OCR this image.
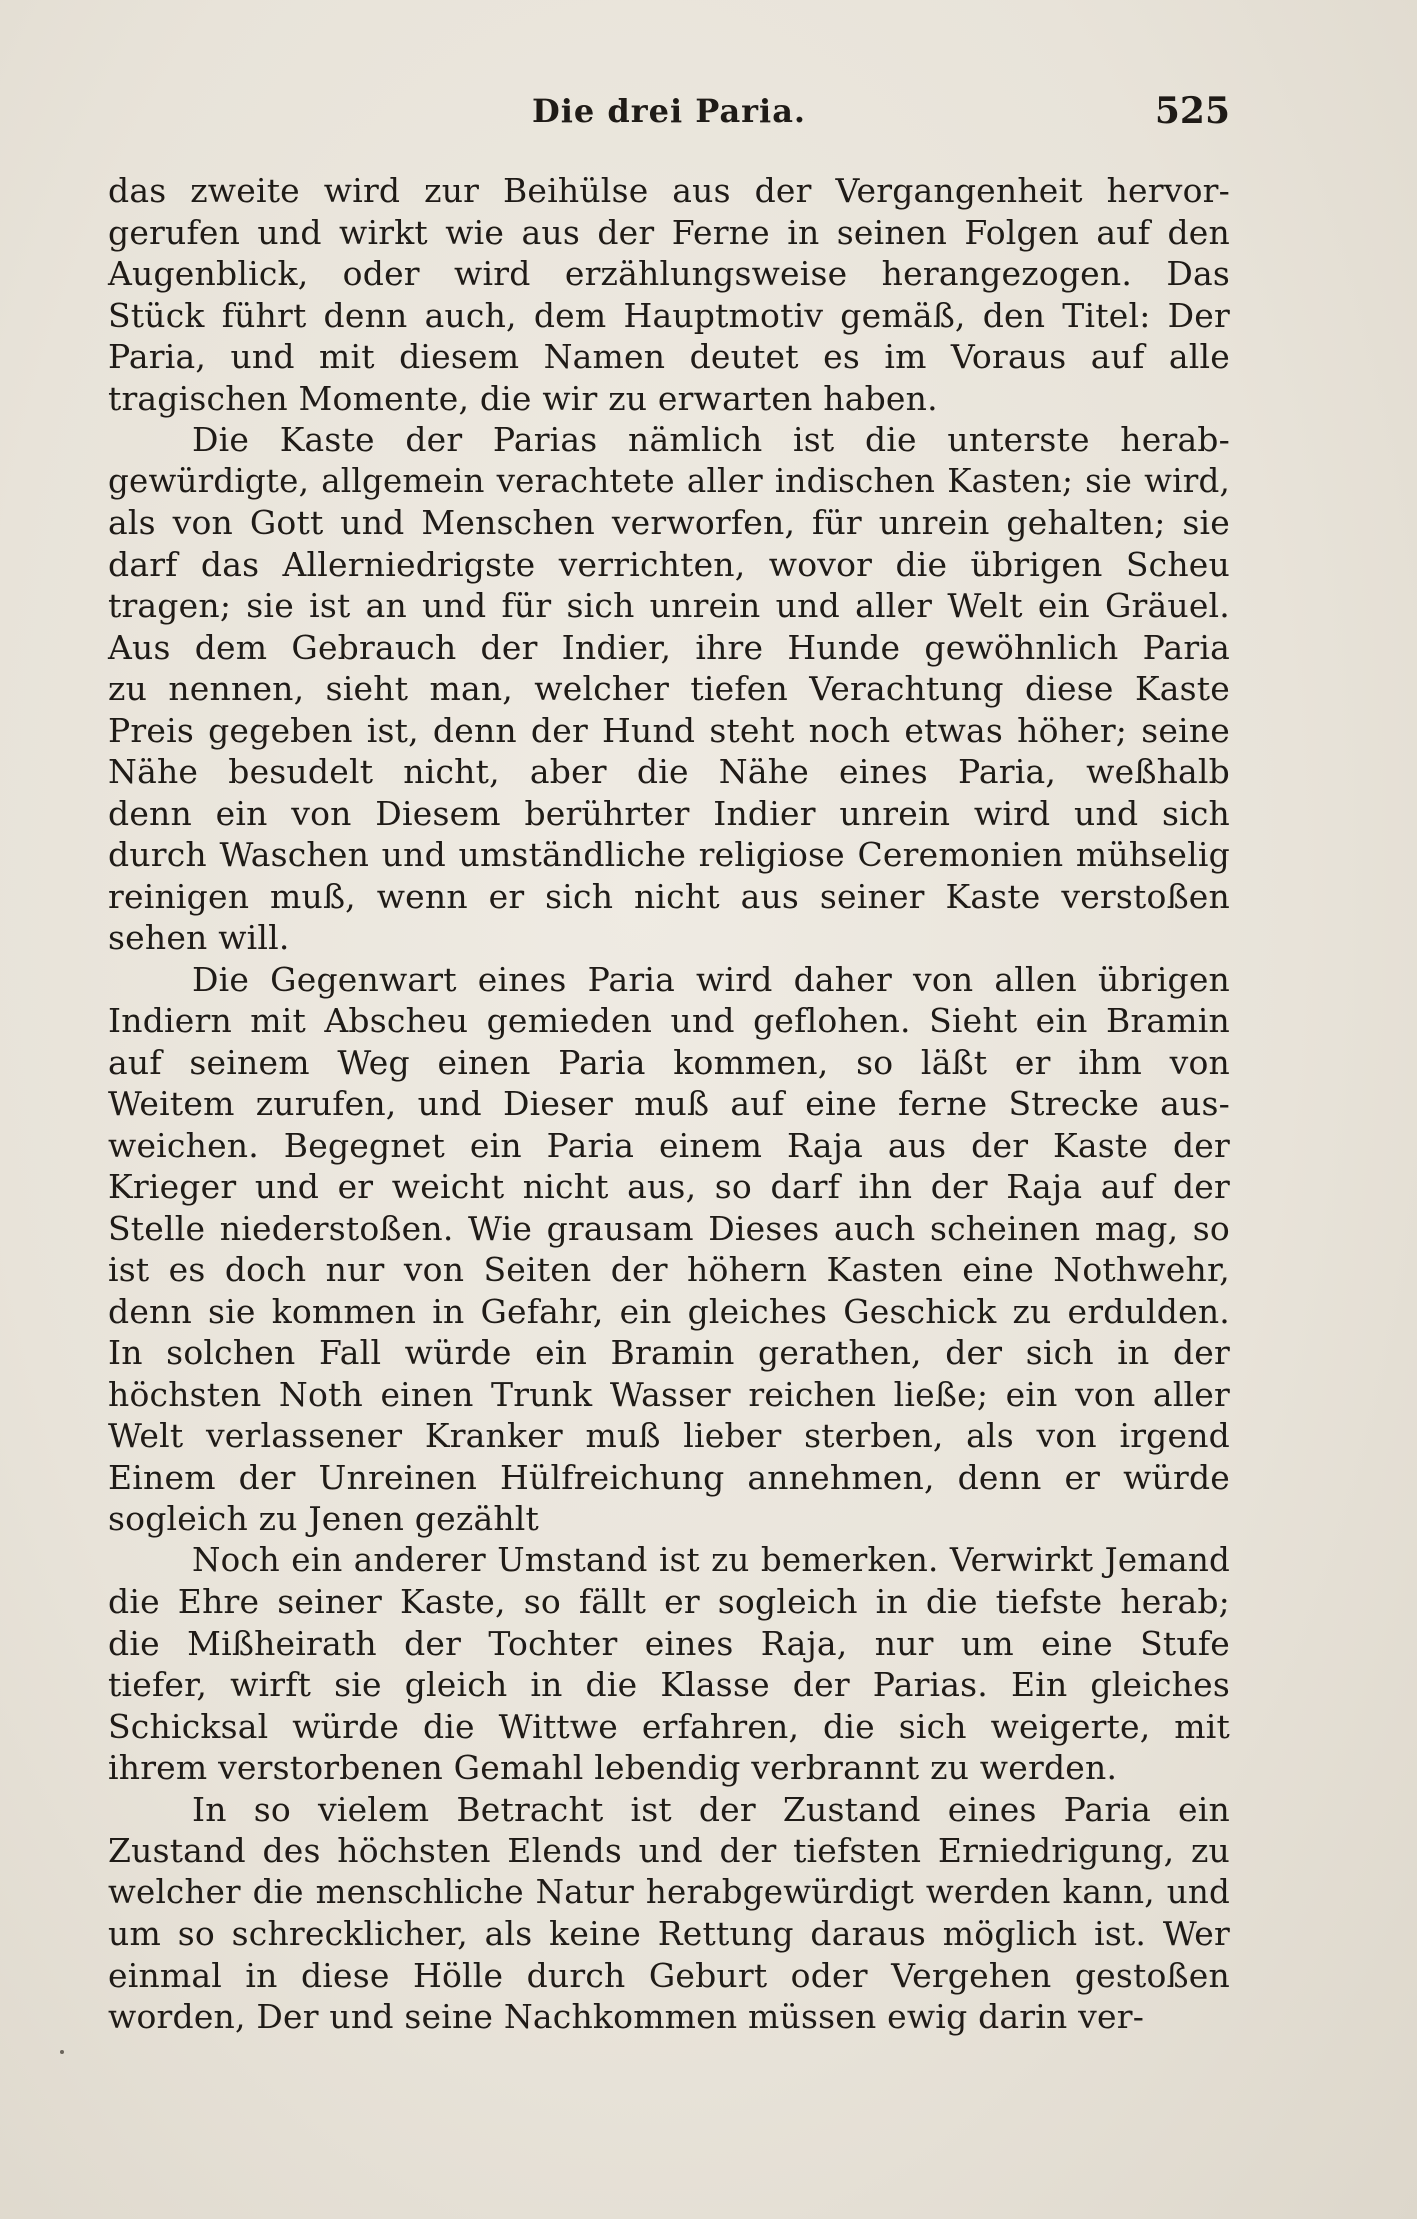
Die drei Paria.	525
das zweite wird zur Beihülse aus der Vergangenheit hervor-
gerufen und wirkt wie aus der Ferne in seinen Folgen auf den
Augenblick, oder wird erzählungsweise herangezogen. Das
Stück führt denn auch, dem Hauptmotiv gemäß, den Titel: Der
Paria, und mit diesem Namen deutet es im Voraus auf alle
tragischen Momente, die wir zu erwarten haben.
Die Kaste der Parias nämlich ist die unterste herab-
gewürdigte, allgemein verachtete aller indischen Kasten; sie wird,
als von Gott und Menschen verworfen, für unrein gehalten; sie
darf das Allerniedrigste verrichten, wovor die übrigen Scheu
tragen; sie ist an und für sich unrein und aller Welt ein Gräuel.
Aus dem Gebrauch der Indier, ihre Hunde gewöhnlich Paria
zu nennen, sieht man, welcher tiefen Verachtung diese Kaste
Preis gegeben ist, denn der Hund steht noch etwas höher; seine
Nähe besudelt nicht, aber die Nähe eines Paria, weßhalb
denn ein von Diesem berührter Indier unrein wird und sich
durch Waschen und umständliche religiose Ceremonien mühselig
reinigen muß, wenn er sich nicht aus seiner Kaste verstoßen
sehen will.
Die Gegenwart eines Paria wird daher von allen übrigen
Indiern mit Abscheu gemieden und geflohen. Sieht ein Bramin
auf seinem Weg einen Paria kommen, so läßt er ihm von
Weitem zurufen, und Dieser muß auf eine ferne Strecke aus-
weichen. Begegnet ein Paria einem Raja aus der Kaste der
Krieger und er weicht nicht aus, so darf ihn der Raja auf der
Stelle niederstoßen. Wie grausam Dieses auch scheinen mag, so
ist es doch nur von Seiten der höhern Kasten eine Nothwehr,
denn sie kommen in Gefahr, ein gleiches Geschick zu erdulden.
In solchen Fall würde ein Bramin gerathen, der sich in der
höchsten Noth einen Trunk Wasser reichen ließe; ein von aller
Welt verlassener Kranker muß lieber sterben, als von irgend
Einem der Unreinen Hülfreichung annehmen, denn er würde
sogleich zu Jenen gezählt
Noch ein anderer Umstand ist zu bemerken. Verwirkt Jemand
die Ehre seiner Kaste, so fällt er sogleich in die tiefste herab;
die Mißheirath der Tochter eines Raja, nur um eine Stufe
tiefer, wirft sie gleich in die Klasse der Parias. Ein gleiches
Schicksal würde die Wittwe erfahren, die sich weigerte, mit
ihrem verstorbenen Gemahl lebendig verbrannt zu werden.
In so vielem Betracht ist der Zustand eines Paria ein
Zustand des höchsten Elends und der tiefsten Erniedrigung, zu
welcher die menschliche Natur herabgewürdigt werden kann, und
um so schrecklicher, als keine Rettung daraus möglich ist. Wer
einmal in diese Hölle durch Geburt oder Vergehen gestoßen
worden, Der und seine Nachkommen müssen ewig darin ver-
